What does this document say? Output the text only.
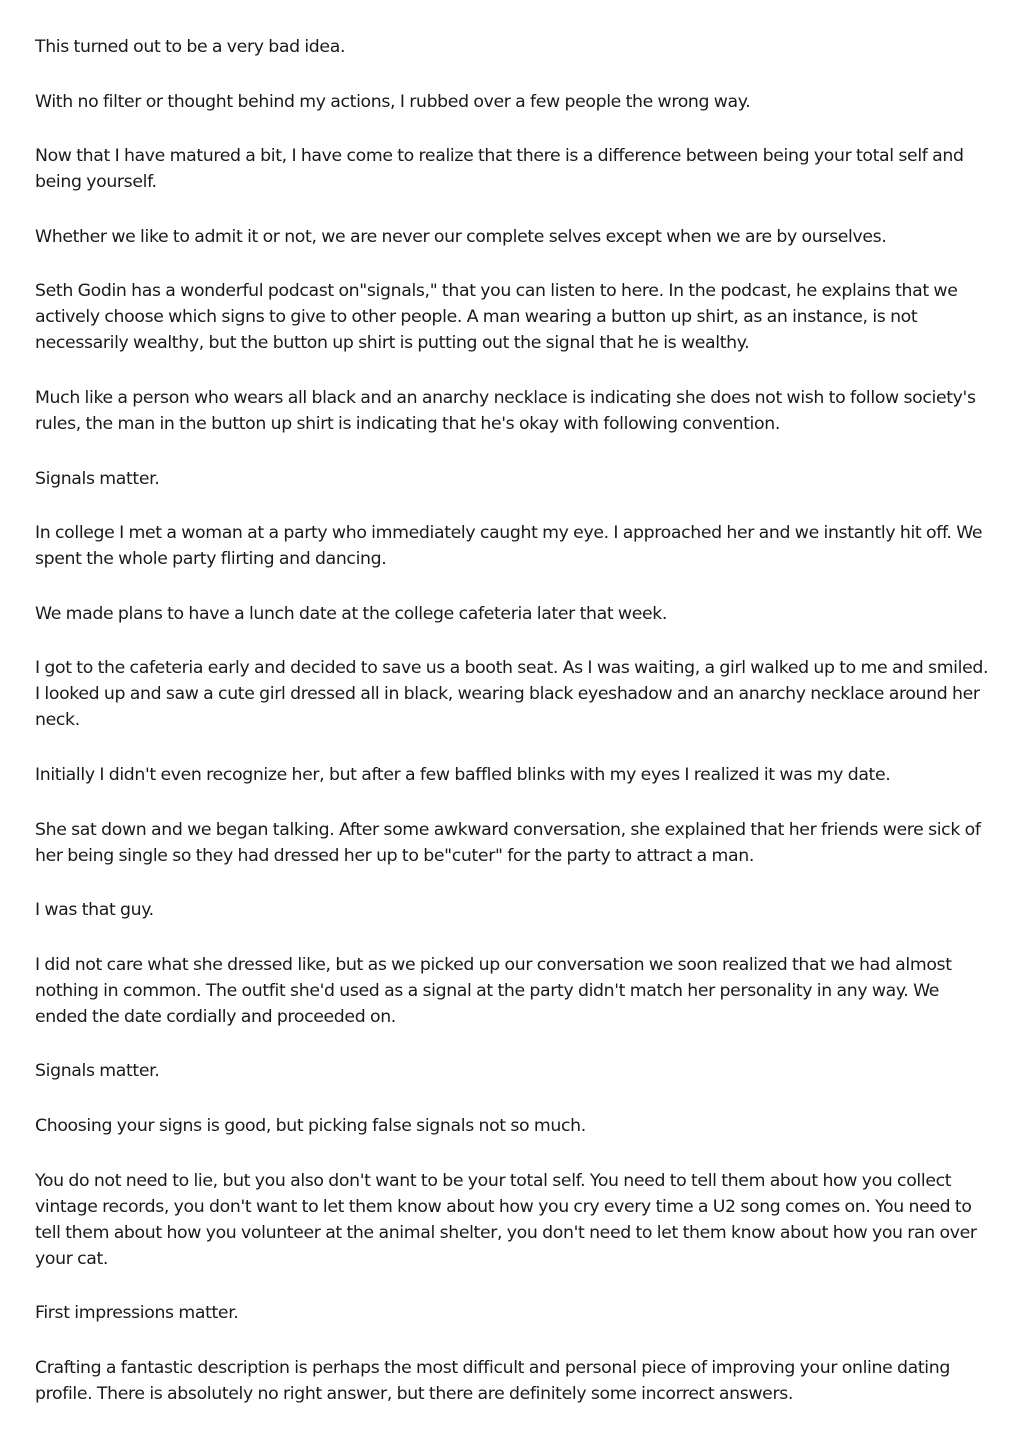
This turned out to be a very bad idea.

With no filter or thought behind my actions, I rubbed over a few people the wrong way.

Now that I have matured a bit, I have come to realize that there is a difference between being your total self and being yourself.

Whether we like to admit it or not, we are never our complete selves except when we are by ourselves.

Seth Godin has a wonderful podcast on"signals," that you can listen to here. In the podcast, he explains that we actively choose which signs to give to other people. A man wearing a button up shirt, as an instance, is not necessarily wealthy, but the button up shirt is putting out the signal that he is wealthy.

Much like a person who wears all black and an anarchy necklace is indicating she does not wish to follow society's rules, the man in the button up shirt is indicating that he's okay with following convention.

Signals matter.

In college I met a woman at a party who immediately caught my eye. I approached her and we instantly hit off. We spent the whole party flirting and dancing.

We made plans to have a lunch date at the college cafeteria later that week.

I got to the cafeteria early and decided to save us a booth seat. As I was waiting, a girl walked up to me and smiled. I looked up and saw a cute girl dressed all in black, wearing black eyeshadow and an anarchy necklace around her neck.

Initially I didn't even recognize her, but after a few baffled blinks with my eyes I realized it was my date.

She sat down and we began talking. After some awkward conversation, she explained that her friends were sick of her being single so they had dressed her up to be"cuter" for the party to attract a man.

I was that guy.

I did not care what she dressed like, but as we picked up our conversation we soon realized that we had almost nothing in common. The outfit she'd used as a signal at the party didn't match her personality in any way. We ended the date cordially and proceeded on.

Signals matter.

Choosing your signs is good, but picking false signals not so much.

You do not need to lie, but you also don't want to be your total self. You need to tell them about how you collect vintage records, you don't want to let them know about how you cry every time a U2 song comes on. You need to tell them about how you volunteer at the animal shelter, you don't need to let them know about how you ran over your cat.

First impressions matter.

Crafting a fantastic description is perhaps the most difficult and personal piece of improving your online dating profile. There is absolutely no right answer, but there are definitely some incorrect answers.
